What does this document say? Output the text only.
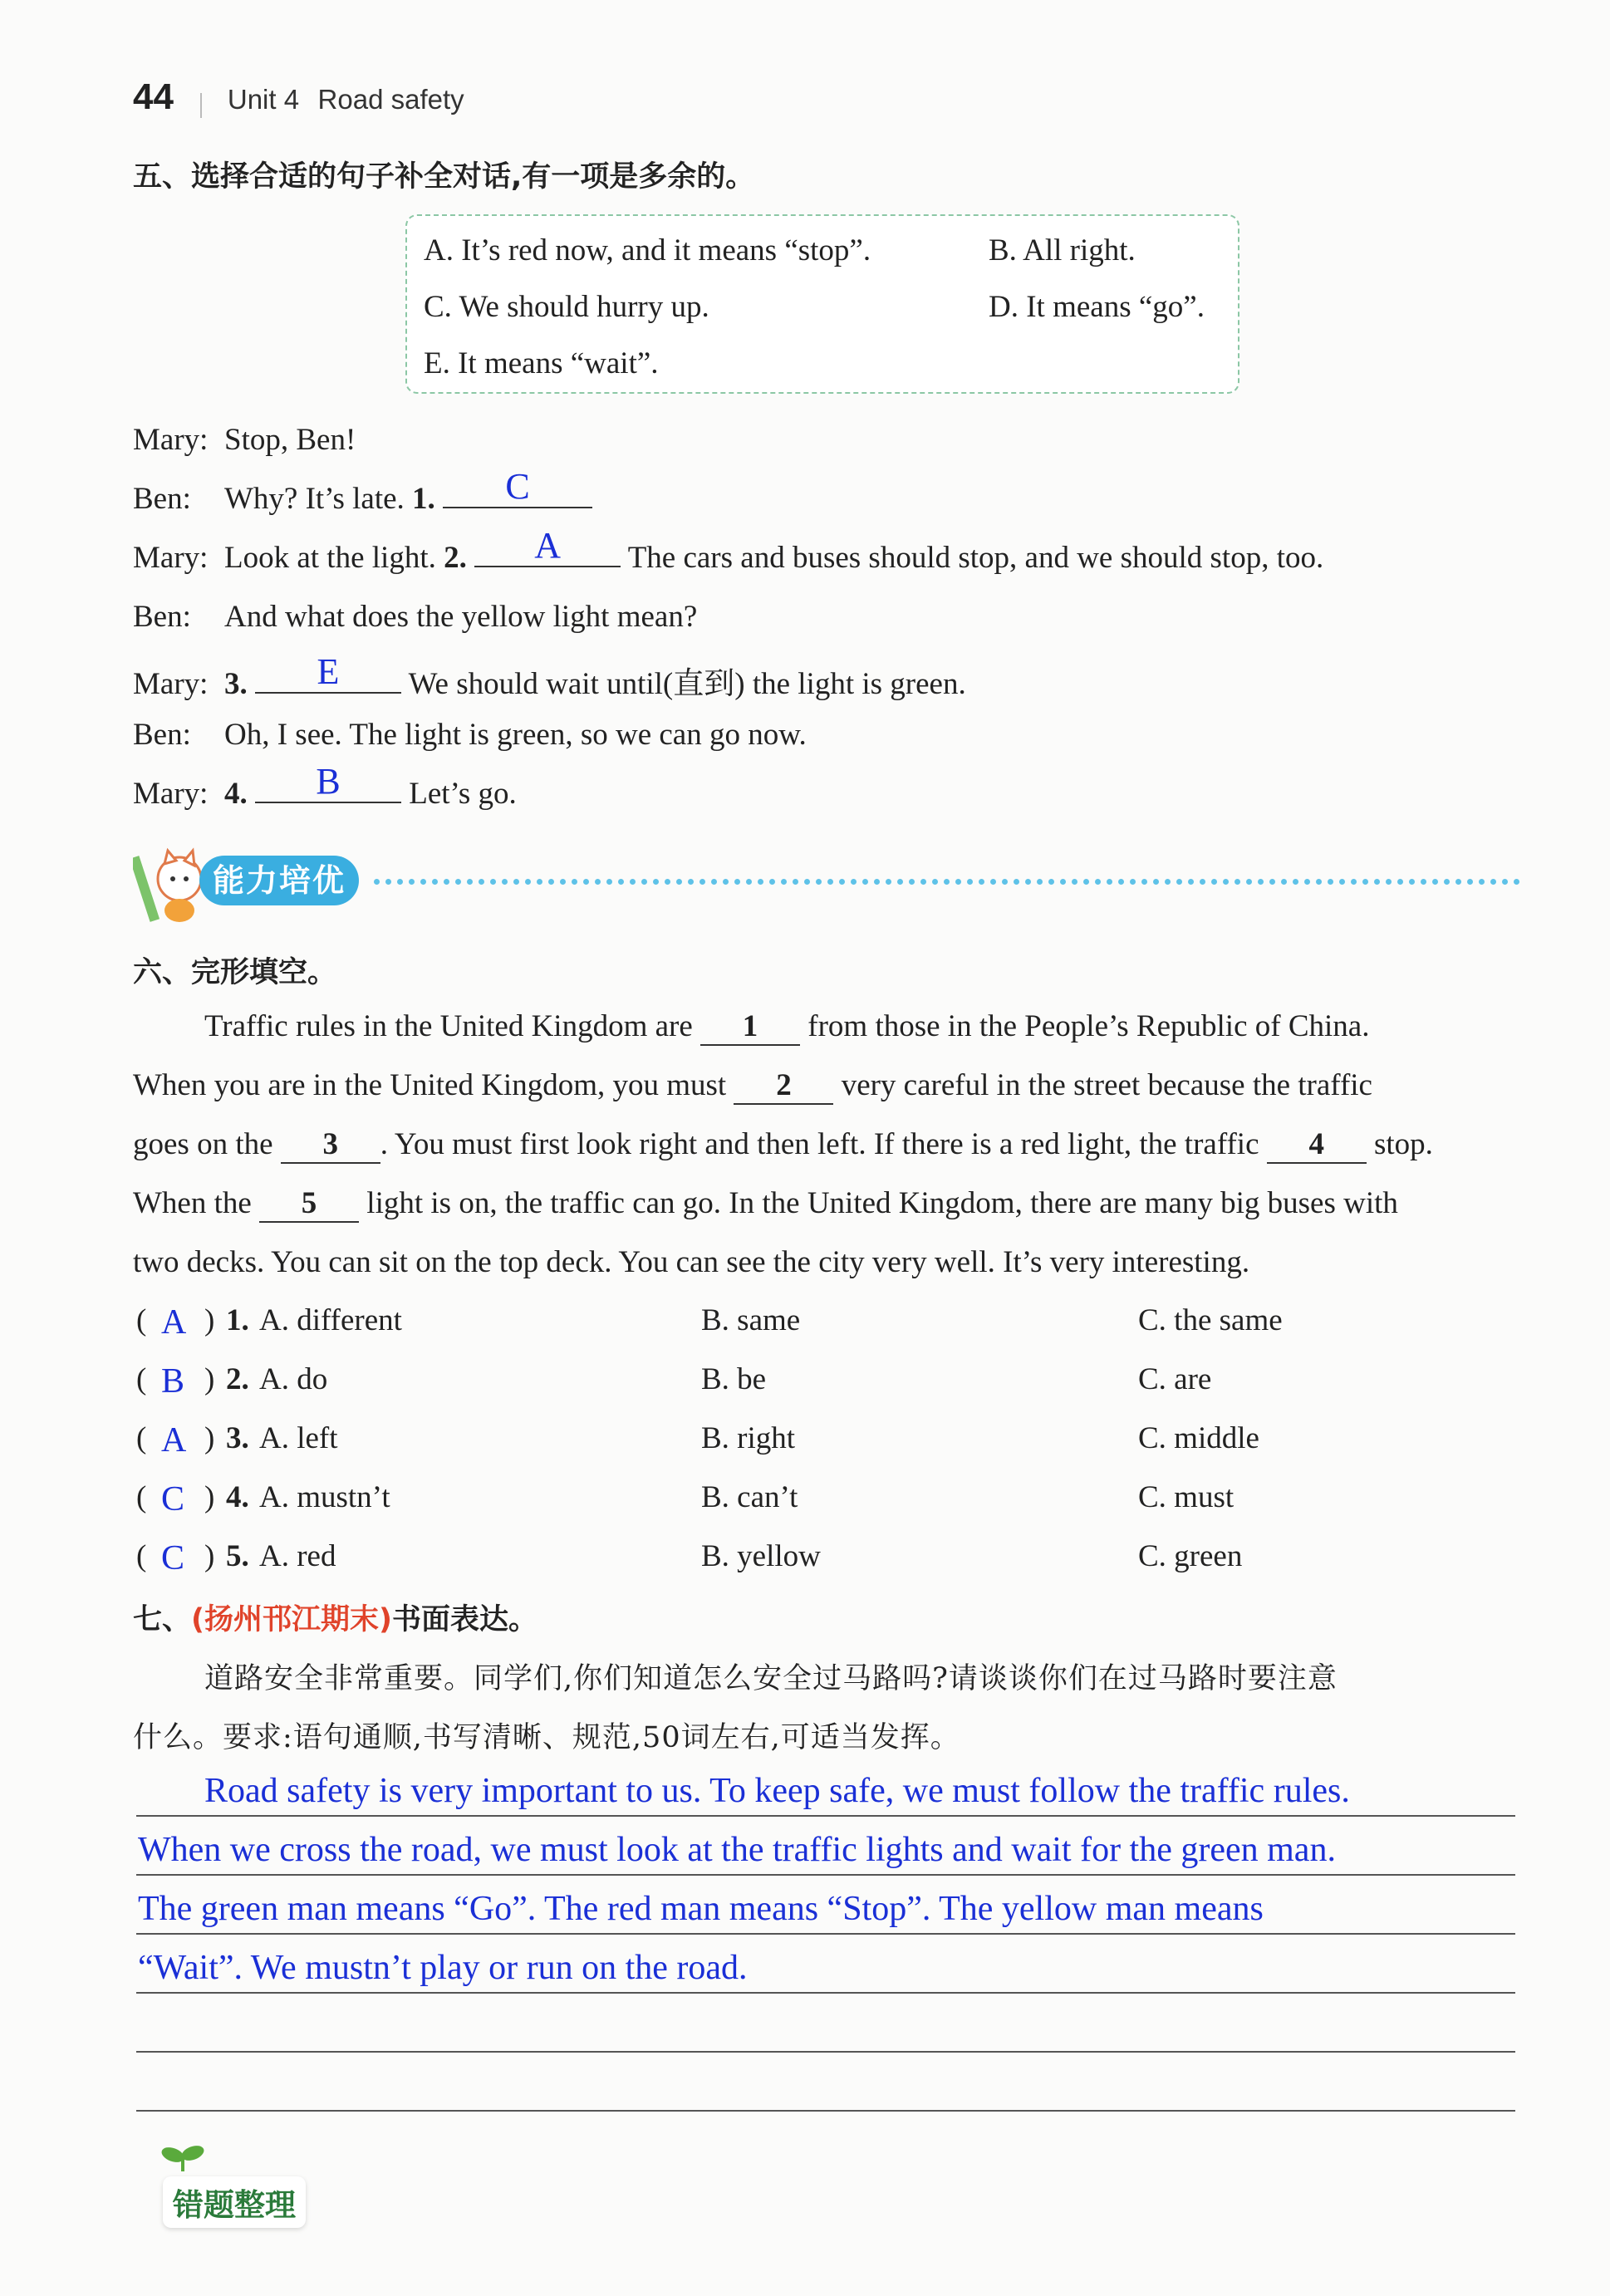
44 Unit 4 Road safety
五、选择合适的句子补全对话,有一项是多余的。
A. It’s red now, and it means “stop”.	B. All right.
C. We should hurry up.	D. It means “go”.
E. It means “wait”.
Mary: Stop, Ben!
Ben: Why? It’s late. 1.	C
Mary: Look at the light. 2.	A	The cars and buses should stop, and we should stop, too.
Ben: And what does the yellow light mean?
Mary: 3.	E	We should wait until(直到) the light is green.
Ben: Oh, I see. The light is green, so we can go now.
Mary: 4.	B	Let’s go.
能力培优
六、完形填空。
Traffic rules in the United Kingdom are 1 from those in the People’s Republic of China.
When you are in the United Kingdom, you must 2 very careful in the street because the traffic
goes on the 3 . You must first look right and then left. If there is a red light, the traffic 4 stop.
When the 5 light is on, the traffic can go. In the United Kingdom, there are many big buses with
two decks. You can sit on the top deck. You can see the city very well. It’s very interesting.
( A ) 1. A. different	B. same	C. the same
( B ) 2. A. do	B. be	C. are
( A ) 3. A. left	B. right	C. middle
( C ) 4. A. mustn’t	B. can’t	C. must
( C ) 5. A. red	B. yellow	C. green
七、(扬州邗江期末)书面表达。
道路安全非常重要。同学们,你们知道怎么安全过马路吗?请谈谈你们在过马路时要注意
什么。要求:语句通顺,书写清晰、规范,50词左右,可适当发挥。
Road safety is very important to us. To keep safe, we must follow the traffic rules.
When we cross the road, we must look at the traffic lights and wait for the green man.
The green man means “Go”. The red man means “Stop”. The yellow man means
“Wait”. We mustn’t play or run on the road.
错题整理
